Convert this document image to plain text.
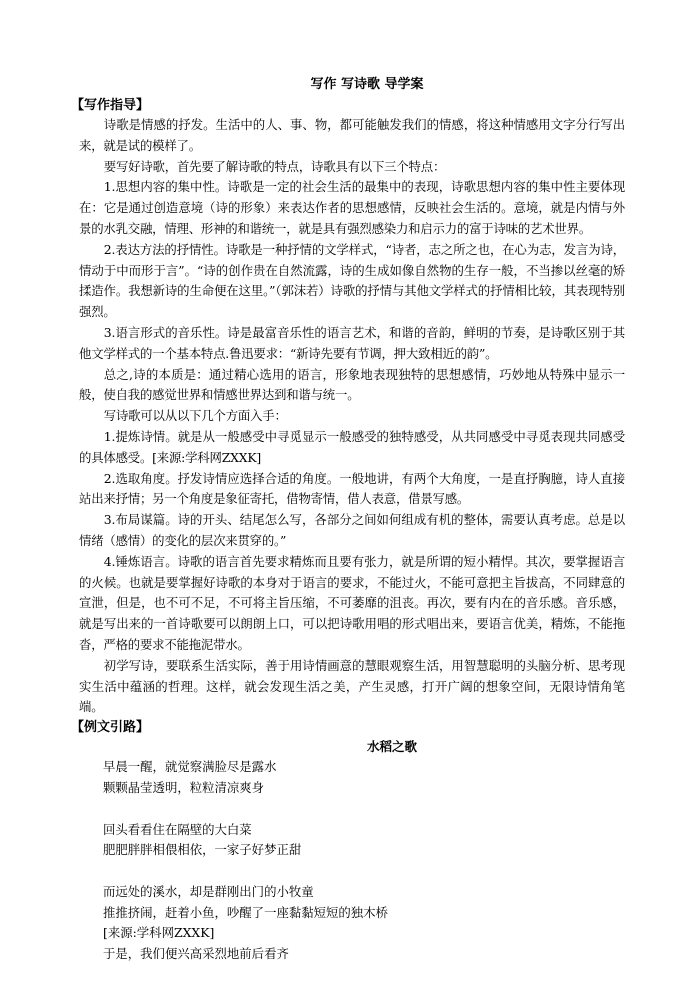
写作 写诗歌 导学案
【写作指导】

诗歌是情感的抒发。生活中的人、事、物，都可能触发我们的情感，将这种情感用文字分行写出来，就是试的模样了。

要写好诗歌，首先要了解诗歌的特点，诗歌具有以下三个特点：

1.思想内容的集中性。诗歌是一定的社会生活的最集中的表现，诗歌思想内容的集中性主要体现在：它是通过创造意境（诗的形象）来表达作者的思想感情，反映社会生活的。意境，就是内情与外景的水乳交融，情理、形神的和谐统一，就是具有强烈感染力和启示力的富于诗味的艺术世界。

2.表达方法的抒情性。诗歌是一种抒情的文学样式，“诗者，志之所之也，在心为志，发言为诗，情动于中而形于言”。“诗的创作贵在自然流露，诗的生成如像自然物的生存一般，不当掺以丝毫的矫揉造作。我想新诗的生命便在这里。”（郭沫若）诗歌的抒情与其他文学样式的抒情相比较，其表现特别强烈。

3.语言形式的音乐性。诗是最富音乐性的语言艺术，和谐的音韵，鲜明的节奏，是诗歌区别于其他文学样式的一个基本特点.鲁迅要求：“新诗先要有节调，押大致相近的韵”。

总之,诗的本质是：通过精心选用的语言，形象地表现独特的思想感情，巧妙地从特殊中显示一般，使自我的感觉世界和情感世界达到和谐与统一。

写诗歌可以从以下几个方面入手：

1.提炼诗情。就是从一般感受中寻觅显示一般感受的独特感受，从共同感受中寻觅表现共同感受的具体感受。[来源:学科网ZXXK]

2.选取角度。抒发诗情应选择合适的角度。一般地讲，有两个大角度，一是直抒胸臆，诗人直接站出来抒情；另一个角度是象征寄托，借物寄情，借人表意，借景写感。

3.布局谋篇。诗的开头、结尾怎么写，各部分之间如何组成有机的整体，需要认真考虑。总是以情绪（感情）的变化的层次来贯穿的。”

4.锤炼语言。诗歌的语言首先要求精炼而且要有张力，就是所谓的短小精悍。其次，要掌握语言的火候。也就是要掌握好诗歌的本身对于语言的要求，不能过火，不能可意把主旨拔高，不同肆意的宣泄，但是，也不可不足，不可将主旨压缩，不可萎靡的沮丧。再次，要有内在的音乐感。音乐感，就是写出来的一首诗歌要可以朗朗上口，可以把诗歌用唱的形式唱出来，要语言优美，精炼，不能拖沓，严格的要求不能拖泥带水。

初学写诗，要联系生活实际，善于用诗情画意的慧眼观察生活，用智慧聪明的头脑分析、思考现实生活中蕴涵的哲理。这样，就会发现生活之美，产生灵感，打开广阔的想象空间，无限诗情角笔端。

【例文引路】
水稻之歌

早晨一醒，就觉察满脸尽是露水

颗颗晶莹透明，粒粒清凉爽身

回头看看住在隔壁的大白菜

肥肥胖胖相偎相依，一家子好梦正甜

而远处的溪水，却是群刚出门的小牧童

推推挤闹，赶着小鱼，吵醒了一座黏黏短短的独木桥

[来源:学科网ZXXK]

于是，我们便兴高采烈地前后看齐
